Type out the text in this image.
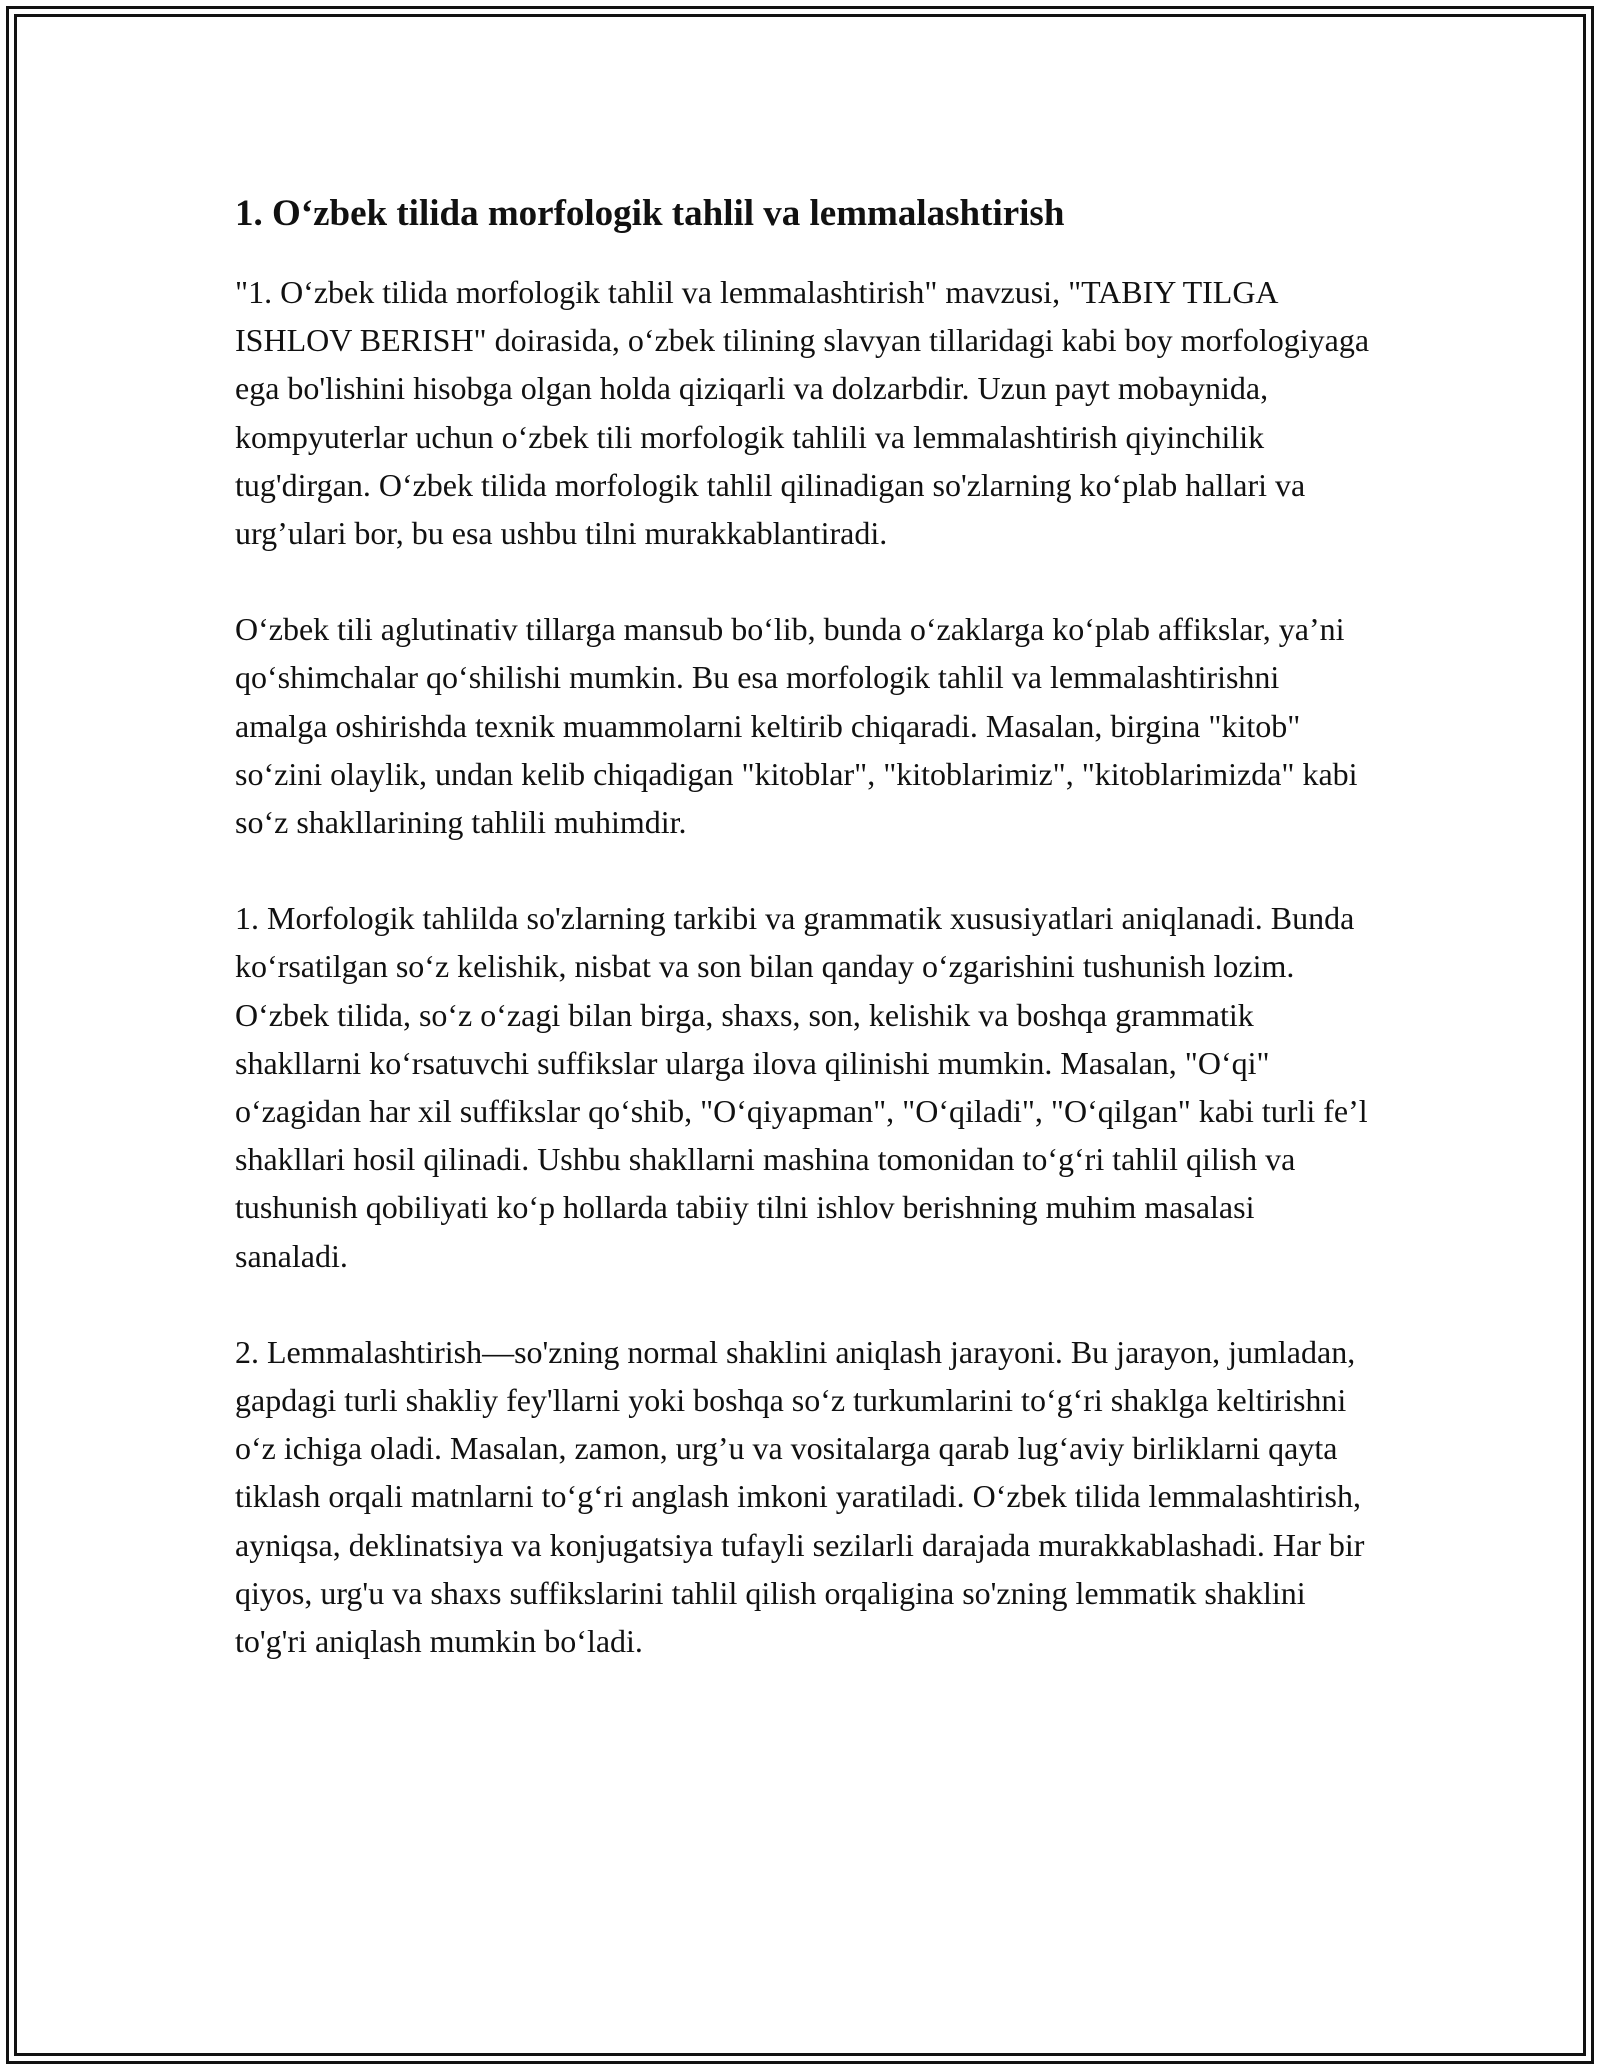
1. O‘zbek tilida morfologik tahlil va lemmalashtirish

"1. O‘zbek tilida morfologik tahlil va lemmalashtirish" mavzusi, "TABIY TILGA ISHLOV BERISH" doirasida, o‘zbek tilining slavyan tillaridagi kabi boy morfologiyaga ega bo'lishini hisobga olgan holda qiziqarli va dolzarbdir. Uzun payt mobaynida, kompyuterlar uchun o‘zbek tili morfologik tahlili va lemmalashtirish qiyinchilik tug'dirgan. O‘zbek tilida morfologik tahlil qilinadigan so'zlarning ko‘plab hallari va urg’ulari bor, bu esa ushbu tilni murakkablantiradi.

O‘zbek tili aglutinativ tillarga mansub bo‘lib, bunda o‘zaklarga ko‘plab affikslar, ya’ni qo‘shimchalar qo‘shilishi mumkin. Bu esa morfologik tahlil va lemmalashtirishni amalga oshirishda texnik muammolarni keltirib chiqaradi. Masalan, birgina "kitob" so‘zini olaylik, undan kelib chiqadigan "kitoblar", "kitoblarimiz", "kitoblarimizda" kabi so‘z shakllarining tahlili muhimdir.

1. Morfologik tahlilda so'zlarning tarkibi va grammatik xususiyatlari aniqlanadi. Bunda ko‘rsatilgan so‘z kelishik, nisbat va son bilan qanday o‘zgarishini tushunish lozim. O‘zbek tilida, so‘z o‘zagi bilan birga, shaxs, son, kelishik va boshqa grammatik shakllarni ko‘rsatuvchi suffikslar ularga ilova qilinishi mumkin. Masalan, "O‘qi" o‘zagidan har xil suffikslar qo‘shib, "O‘qiyapman", "O‘qiladi", "O‘qilgan" kabi turli fe’l shakllari hosil qilinadi. Ushbu shakllarni mashina tomonidan to‘g‘ri tahlil qilish va tushunish qobiliyati ko‘p hollarda tabiiy tilni ishlov berishning muhim masalasi sanaladi.

2. Lemmalashtirish—so'zning normal shaklini aniqlash jarayoni. Bu jarayon, jumladan, gapdagi turli shakliy fey'llarni yoki boshqa so‘z turkumlarini to‘g‘ri shaklga keltirishni o‘z ichiga oladi. Masalan, zamon, urg’u va vositalarga qarab lug‘aviy birliklarni qayta tiklash orqali matnlarni to‘g‘ri anglash imkoni yaratiladi. O‘zbek tilida lemmalashtirish, ayniqsa, deklinatsiya va konjugatsiya tufayli sezilarli darajada murakkablashadi. Har bir qiyos, urg'u va shaxs suffikslarini tahlil qilish orqaligina so'zning lemmatik shaklini to'g'ri aniqlash mumkin bo‘ladi.
